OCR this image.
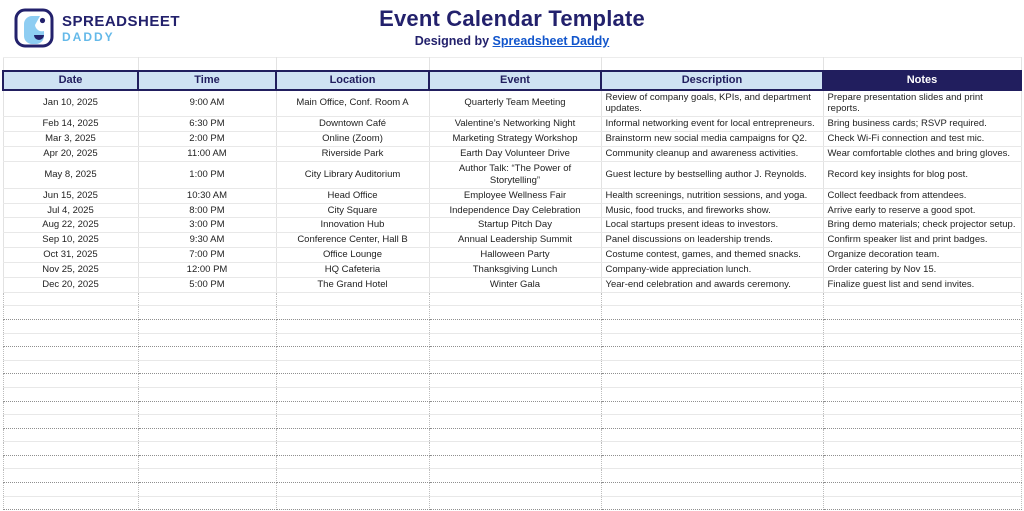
SPREADSHEET
DADDY
Event Calendar Template
Designed by Spreadsheet Daddy

Date	Time	Location	Event	Description	Notes
Jan 10, 2025	9:00 AM	Main Office, Conf. Room A	Quarterly Team Meeting	Review of company goals, KPIs, and department updates.	Prepare presentation slides and print reports.
Feb 14, 2025	6:30 PM	Downtown Café	Valentine’s Networking Night	Informal networking event for local entrepreneurs.	Bring business cards; RSVP required.
Mar 3, 2025	2:00 PM	Online (Zoom)	Marketing Strategy Workshop	Brainstorm new social media campaigns for Q2.	Check Wi-Fi connection and test mic.
Apr 20, 2025	11:00 AM	Riverside Park	Earth Day Volunteer Drive	Community cleanup and awareness activities.	Wear comfortable clothes and bring gloves.
May 8, 2025	1:00 PM	City Library Auditorium	Author Talk: “The Power of Storytelling”	Guest lecture by bestselling author J. Reynolds.	Record key insights for blog post.
Jun 15, 2025	10:30 AM	Head Office	Employee Wellness Fair	Health screenings, nutrition sessions, and yoga.	Collect feedback from attendees.
Jul 4, 2025	8:00 PM	City Square	Independence Day Celebration	Music, food trucks, and fireworks show.	Arrive early to reserve a good spot.
Aug 22, 2025	3:00 PM	Innovation Hub	Startup Pitch Day	Local startups present ideas to investors.	Bring demo materials; check projector setup.
Sep 10, 2025	9:30 AM	Conference Center, Hall B	Annual Leadership Summit	Panel discussions on leadership trends.	Confirm speaker list and print badges.
Oct 31, 2025	7:00 PM	Office Lounge	Halloween Party	Costume contest, games, and themed snacks.	Organize decoration team.
Nov 25, 2025	12:00 PM	HQ Cafeteria	Thanksgiving Lunch	Company-wide appreciation lunch.	Order catering by Nov 15.
Dec 20, 2025	5:00 PM	The Grand Hotel	Winter Gala	Year-end celebration and awards ceremony.	Finalize guest list and send invites.
